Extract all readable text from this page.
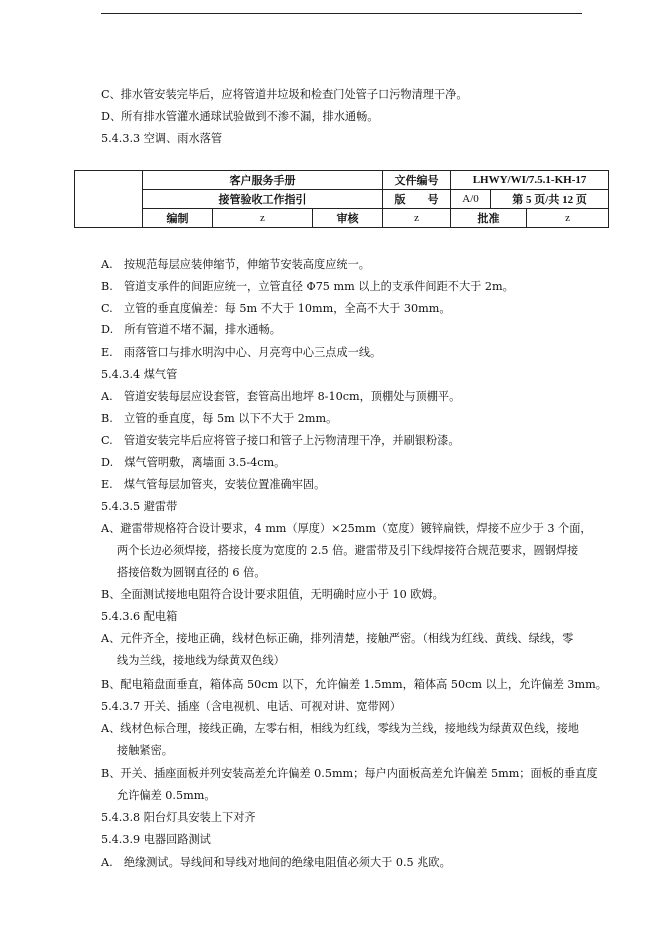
C、排水管安装完毕后，应将管道井垃圾和检查门处管子口污物清理干净。
D、所有排水管灌水通球试验做到不渗不漏，排水通畅。
5.4.3.3 空调、雨水落管
	客户服务手册			文件编号	LHWY/WI/7.5.1-KH-17		
	接管验收工作指引			版　　号	A/0	第 5 页/共 12 页	
	编制	z	审核	z	批准		z
A.　按规范每层应装伸缩节，伸缩节安装高度应统一。
B.　管道支承件的间距应统一，立管直径 Φ75 mm 以上的支承件间距不大于 2m。
C.　立管的垂直度偏差：每 5m 不大于 10mm，全高不大于 30mm。
D.　所有管道不堵不漏，排水通畅。
E.　雨落管口与排水明沟中心、月亮弯中心三点成一线。
5.4.3.4 煤气管
A.　管道安装每层应设套管，套管高出地坪 8-10cm，顶棚处与顶棚平。
B.　立管的垂直度，每 5m 以下不大于 2mm。
C.　管道安装完毕后应将管子接口和管子上污物清理干净，并刷银粉漆。
D.　煤气管明敷，离墙面 3.5-4cm。
E.　煤气管每层加管夹，安装位置准确牢固。
5.4.3.5 避雷带
A、避雷带规格符合设计要求，4 mm（厚度）×25mm（宽度）镀锌扁铁，焊接不应少于 3 个面，
两个长边必须焊接，搭接长度为宽度的 2.5 倍。避雷带及引下线焊接符合规范要求，圆钢焊接
搭接倍数为圆钢直径的 6 倍。
B、全面测试接地电阻符合设计要求阻值，无明确时应小于 10 欧姆。
5.4.3.6 配电箱
A、元件齐全，接地正确，线材色标正确，排列清楚，接触严密。（相线为红线、黄线、绿线，零
线为兰线，接地线为绿黄双色线）
B、配电箱盘面垂直，箱体高 50cm 以下，允许偏差 1.5mm，箱体高 50cm 以上，允许偏差 3mm。
5.4.3.7 开关、插座（含电视机、电话、可视对讲、宽带网）
A、线材色标合理，接线正确，左零右相，相线为红线，零线为兰线，接地线为绿黄双色线，接地
接触紧密。
B、开关、插座面板并列安装高差允许偏差 0.5mm；每户内面板高差允许偏差 5mm；面板的垂直度
允许偏差 0.5mm。
5.4.3.8 阳台灯具安装上下对齐
5.4.3.9 电器回路测试
A.　绝缘测试。导线间和导线对地间的绝缘电阻值必须大于 0.5 兆欧。
